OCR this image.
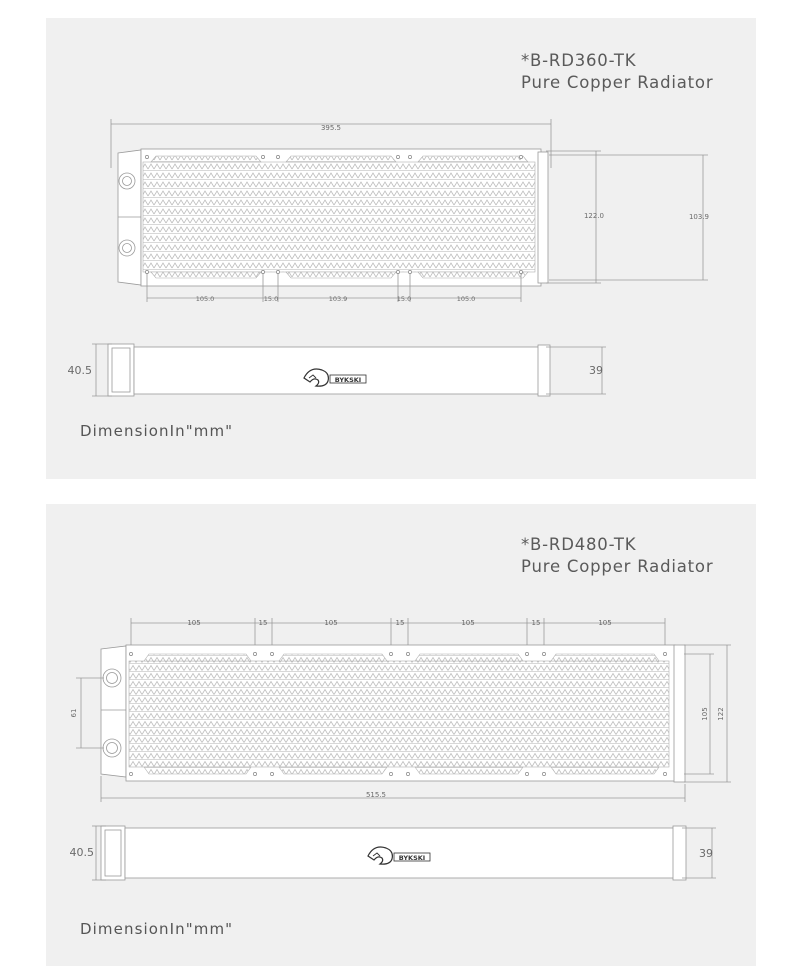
*B-RD360-TK

Pure Copper Radiator

395.5
122.0	103.9
105.0	15.0	103.9	15.0	105.0
40.5	39
BYKSKI

DimensionIn"mm"

*B-RD480-TK

Pure Copper Radiator

105	15	105	15	105	15	105
61	105 122
515.5
40.5	39
BYKSKI

DimensionIn"mm"
